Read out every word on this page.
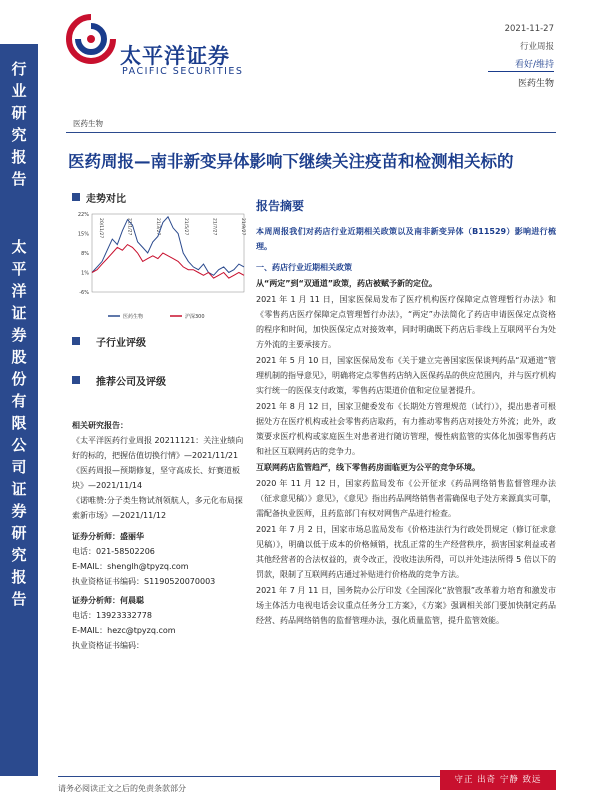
太平洋证券
PACIFIC SECURITIES
2021-11-27
行业周报
看好/维持
医药生物
行
业
研
究
报
告
太
平
洋
证
券
股
份
有
限
公
司
证
券
研
究
报
告
医药生物
医药周报—南非新变异体影响下继续关注疫苗和检测相关标的
走势对比
22%
15%
8%
1%
-6%
20/11/27	21/1/27	21/3/27	21/5/27	21/7/27	21/9/27
医药生物	沪深300
子行业评级
推荐公司及评级
相关研究报告：
《太平洋医药行业周报 20211121：关注业绩向好的标的，把握估值切换行情》—2021/11/21
《医药周报—预期修复，坚守高成长、好赛道板块》—2021/11/14
《诺唯赞:分子类生物试剂领航人，多元化布局探索新市场》—2021/11/12
证券分析师：盛丽华
电话：021-58502206
E-MAIL：shenglh@tpyzq.com
执业资格证书编码：S1190520070003
证券分析师：何晨聪
电话：13923332778
E-MAIL：hezc@tpyzq.com
执业资格证书编码：
报告摘要

本周周报我们对药店行业近期相关政策以及南非新变异体（B11529）影响进行梳理。

一、药店行业近期相关政策

从“两定”到“双通道”政策，药店被赋予新的定位。

2021 年 1 月 11 日，国家医保局发布了医疗机构医疗保障定点管理暂行办法》和《零售药店医疗保障定点管理暂行办法》，“两定”办法简化了药店申请医保定点资格的程序和时间，加快医保定点对接效率，同时明确既下药店后非线上互联网平台为处方外流的主要承接方。

2021 年 5 月 10 日，国家医保局发布《关于建立完善国家医保谈判药品“双通道”管理机制的指导意见》，明确将定点零售药店纳入医保药品的供应范围内，并与医疗机构实行统一的医保支付政策，零售药店渠道价值和定位显著提升。

2021 年 8 月 12 日，国家卫健委发布《长期处方管理规范（试行）》，提出患者可根据处方在医疗机构或社会零售药店取药，有力推动零售药店对接处方外流；此外，政策要求医疗机构或家庭医生对患者进行随访管理，慢性病监管的实体化加强零售药店和社区互联网药店的竞争力。

互联网药店监管趋严，线下零售药房面临更为公平的竞争环境。

2020 年 11 月 12 日，国家药监局发布《公开征求《药品网络销售监督管理办法（征求意见稿）》意见》，《意见》指出药品网络销售者需确保电子处方来源真实可靠，需配备执业医师，且药监部门有权对网售产品进行检查。

2021 年 7 月 2 日，国家市场总监局发布《价格违法行为行政处罚规定（修订征求意见稿）》，明确以低于成本的价格倾销，扰乱正常的生产经营秩序，损害国家利益或者其他经营者的合法权益的，责令改正，没收违法所得，可以并处违法所得 5 倍以下的罚款，限制了互联网药店通过补贴进行价格战的竞争方法。

2021 年 7 月 11 日，国务院办公厅印发《全国深化“放管服”改革着力培育和激发市场主体活力电视电话会议重点任务分工方案》，《方案》强调相关部门要加快制定药品经营、药品网络销售的监督管理办法，强化质量监管，提升监管效能。

请务必阅读正文之后的免责条款部分
守正 出奇 宁静 致远
